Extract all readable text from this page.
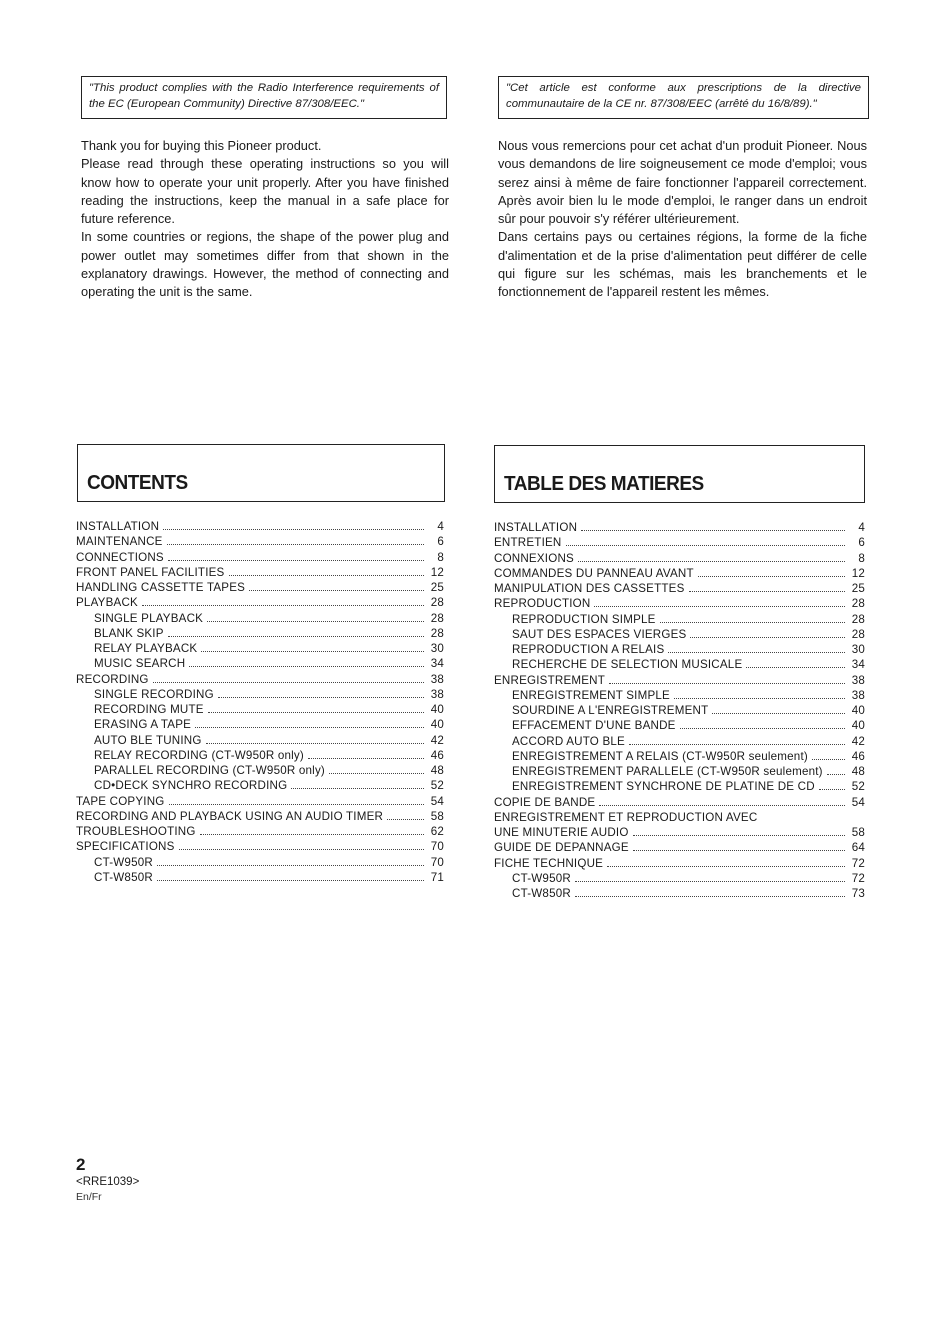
"This product complies with the Radio Interference requirements of the EC (European Community) Directive 87/308/EEC."
"Cet article est conforme aux prescriptions de la directive communautaire de la CE nr. 87/308/EEC (arrêté du 16/8/89)."

Thank you for buying this Pioneer product.

Please read through these operating instructions so you will know how to operate your unit properly. After you have finished reading the instructions, keep the manual in a safe place for future reference.

In some countries or regions, the shape of the power plug and power outlet may sometimes differ from that shown in the explanatory drawings. However, the method of connecting and operating the unit is the same.

Nous vous remercions pour cet achat d'un produit Pioneer. Nous vous demandons de lire soigneusement ce mode d'emploi; vous serez ainsi à même de faire fonctionner l'appareil correctement. Après avoir bien lu le mode d'emploi, le ranger dans un endroit sûr pour pouvoir s'y référer ultérieurement.

Dans certains pays ou certaines régions, la forme de la fiche d'alimentation et de la prise d'alimentation peut différer de celle qui figure sur les schémas, mais les branchements et le fonctionnement de l'appareil restent les mêmes.

CONTENTS	TABLE DES MATIERES
INSTALLATION	4
MAINTENANCE	6
CONNECTIONS	8
FRONT PANEL FACILITIES	12
HANDLING CASSETTE TAPES	25
PLAYBACK	28
SINGLE PLAYBACK	28
BLANK SKIP	28
RELAY PLAYBACK	30
MUSIC SEARCH	34
RECORDING	38
SINGLE RECORDING	38
RECORDING MUTE	40
ERASING A TAPE	40
AUTO BLE TUNING	42
RELAY RECORDING (CT-W950R only)	46
PARALLEL RECORDING (CT-W950R only)	48
CD•DECK SYNCHRO RECORDING	52
TAPE COPYING	54
RECORDING AND PLAYBACK USING AN AUDIO TIMER	58
TROUBLESHOOTING	62
SPECIFICATIONS	70
CT-W950R	70
CT-W850R	71
INSTALLATION	4
ENTRETIEN	6
CONNEXIONS	8
COMMANDES DU PANNEAU AVANT	12
MANIPULATION DES CASSETTES	25
REPRODUCTION	28
REPRODUCTION SIMPLE	28
SAUT DES ESPACES VIERGES	28
REPRODUCTION A RELAIS	30
RECHERCHE DE SELECTION MUSICALE	34
ENREGISTREMENT	38
ENREGISTREMENT SIMPLE	38
SOURDINE A L'ENREGISTREMENT	40
EFFACEMENT D'UNE BANDE	40
ACCORD AUTO BLE	42
ENREGISTREMENT A RELAIS (CT-W950R seulement)	46
ENREGISTREMENT PARALLELE (CT-W950R seulement) 48
ENREGISTREMENT SYNCHRONE DE PLATINE DE CD	52
COPIE DE BANDE	54
ENREGISTREMENT ET REPRODUCTION AVEC
UNE MINUTERIE AUDIO	58
GUIDE DE DEPANNAGE	64
FICHE TECHNIQUE	72
CT-W950R	72
CT-W850R	73
2
<RRE1039>
En/Fr
